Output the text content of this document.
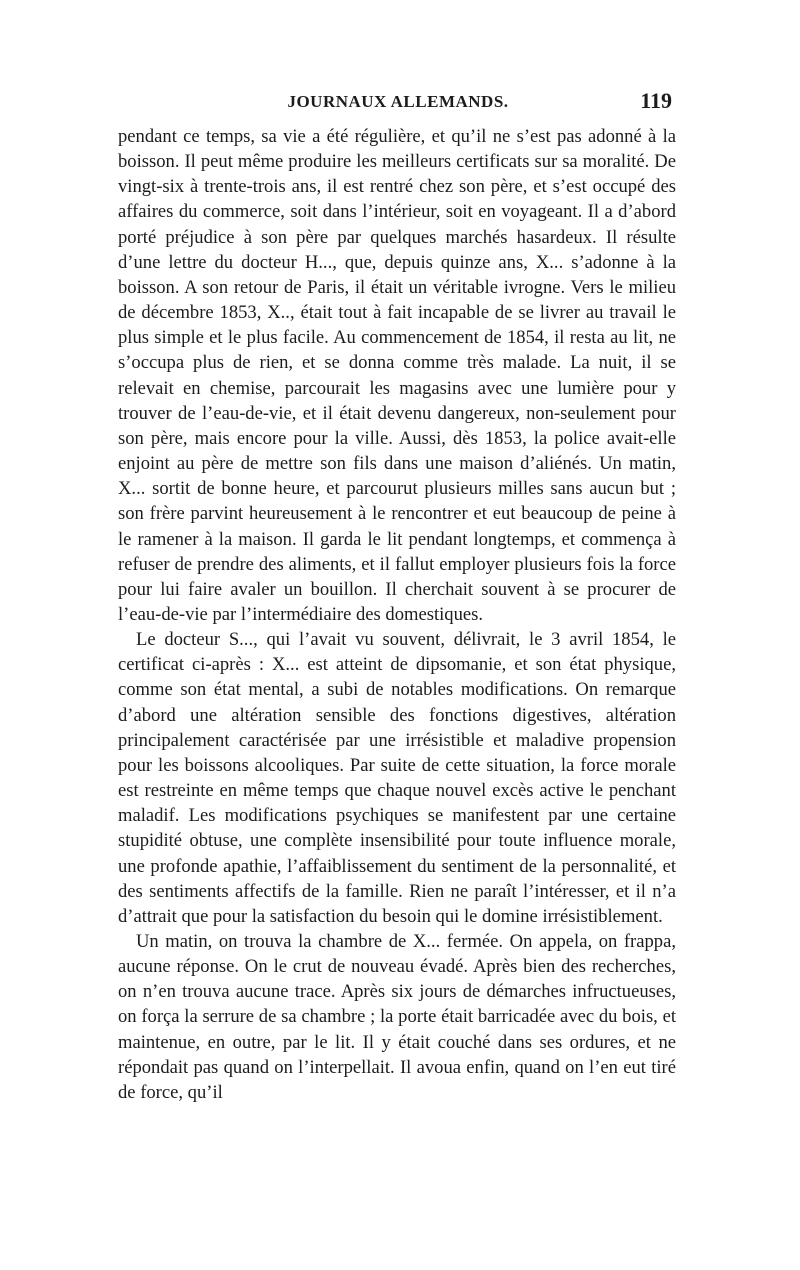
JOURNAUX ALLEMANDS.	119

pendant ce temps, sa vie a été régulière, et qu’il ne s’est pas adonné à la boisson. Il peut même produire les meilleurs certificats sur sa moralité. De vingt-six à trente-trois ans, il est rentré chez son père, et s’est occupé des affaires du commerce, soit dans l’intérieur, soit en voyageant. Il a d’abord porté préjudice à son père par quelques marchés hasardeux. Il résulte d’une lettre du docteur H..., que, depuis quinze ans, X... s’adonne à la boisson. A son retour de Paris, il était un véritable ivrogne. Vers le milieu de décembre 1853, X.., était tout à fait incapable de se livrer au travail le plus simple et le plus facile. Au commencement de 1854, il resta au lit, ne s’occupa plus de rien, et se donna comme très malade. La nuit, il se relevait en chemise, parcourait les magasins avec une lumière pour y trouver de l’eau-de-vie, et il était devenu dangereux, non-seulement pour son père, mais encore pour la ville. Aussi, dès 1853, la police avait-elle enjoint au père de mettre son fils dans une maison d’aliénés. Un matin, X... sortit de bonne heure, et parcourut plusieurs milles sans aucun but ; son frère parvint heureusement à le rencontrer et eut beaucoup de peine à le ramener à la maison. Il garda le lit pendant longtemps, et commença à refuser de prendre des aliments, et il fallut employer plusieurs fois la force pour lui faire avaler un bouillon. Il cherchait souvent à se procurer de l’eau-de-vie par l’intermédiaire des domestiques.

Le docteur S..., qui l’avait vu souvent, délivrait, le 3 avril 1854, le certificat ci-après : X... est atteint de dipsomanie, et son état physique, comme son état mental, a subi de notables modifications. On remarque d’abord une altération sensible des fonctions digestives, altération principalement caractérisée par une irrésistible et maladive propension pour les boissons alcooliques. Par suite de cette situation, la force morale est restreinte en même temps que chaque nouvel excès active le penchant maladif. Les modifications psychiques se manifestent par une certaine stupidité obtuse, une complète insensibilité pour toute influence morale, une profonde apathie, l’affaiblissement du sentiment de la personnalité, et des sentiments affectifs de la famille. Rien ne paraît l’intéresser, et il n’a d’attrait que pour la satisfaction du besoin qui le domine irrésistiblement.

Un matin, on trouva la chambre de X... fermée. On appela, on frappa, aucune réponse. On le crut de nouveau évadé. Après bien des recherches, on n’en trouva aucune trace. Après six jours de démarches infructueuses, on força la serrure de sa chambre ; la porte était barricadée avec du bois, et maintenue, en outre, par le lit. Il y était couché dans ses ordures, et ne répondait pas quand on l’interpellait. Il avoua enfin, quand on l’en eut tiré de force, qu’il
